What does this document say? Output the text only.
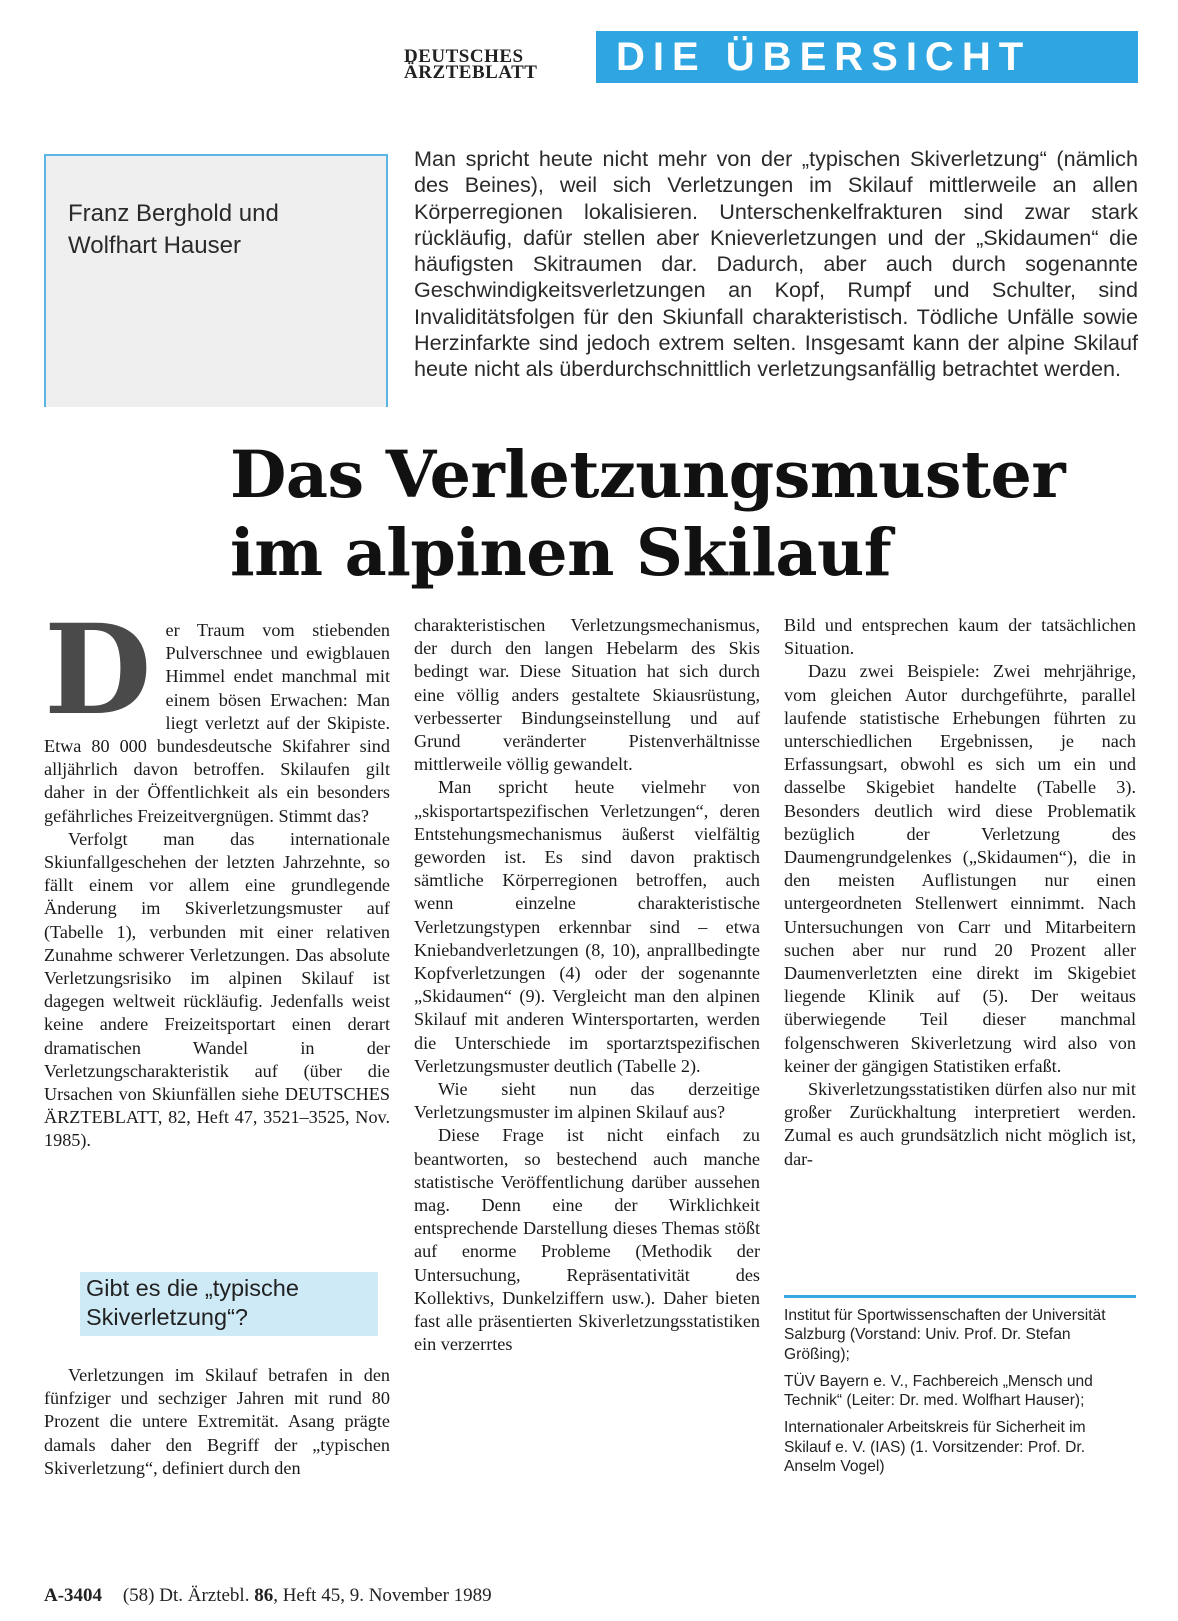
DEUTSCHES
ÄRZTEBLATT	DIE ÜBERSICHT
Franz Berghold und
Wolfhart Hauser
Man spricht heute nicht mehr von der „typischen Skiverletzung“ (nämlich des Beines), weil sich Verletzungen im Skilauf mittlerweile an allen Körperregionen lokalisieren. Unterschenkelfrakturen sind zwar stark rückläufig, dafür stellen aber Knieverletzungen und der „Skidaumen“ die häufigsten Skitraumen dar. Dadurch, aber auch durch sogenannte Geschwindigkeitsverletzungen an Kopf, Rumpf und Schulter, sind Invaliditätsfolgen für den Skiunfall charakteristisch. Tödliche Unfälle sowie Herzinfarkte sind jedoch extrem selten. Insgesamt kann der alpine Skilauf heute nicht als überdurchschnittlich verletzungsanfällig betrachtet werden.
Das Verletzungsmuster
im alpinen Skilauf

Der Traum vom stiebenden Pulverschnee und ewigblauen Himmel endet manchmal mit einem bösen Erwachen: Man liegt verletzt auf der Skipiste. Etwa 80 000 bundesdeutsche Skifahrer sind alljährlich davon betroffen. Skilaufen gilt daher in der Öffentlichkeit als ein besonders gefährliches Freizeitvergnügen. Stimmt das?

Verfolgt man das internationale Skiunfallgeschehen der letzten Jahrzehnte, so fällt einem vor allem eine grundlegende Änderung im Skiverletzungsmuster auf (Tabelle 1), verbunden mit einer relativen Zunahme schwerer Verletzungen. Das absolute Verletzungsrisiko im alpinen Skilauf ist dagegen weltweit rückläufig. Jedenfalls weist keine andere Freizeitsportart einen derart dramatischen Wandel in der Verletzungscharakteristik auf (über die Ursachen von Skiunfällen siehe DEUTSCHES ÄRZTEBLATT, 82, Heft 47, 3521–3525, Nov. 1985).

Gibt es die „typische
Skiverletzung“?

Verletzungen im Skilauf betrafen in den fünfziger und sechziger Jahren mit rund 80 Prozent die untere Extremität. Asang prägte damals daher den Begriff der „typischen Skiverletzung“, definiert durch den

charakteristischen Verletzungsmechanismus, der durch den langen Hebelarm des Skis bedingt war. Diese Situation hat sich durch eine völlig anders gestaltete Skiausrüstung, verbesserter Bindungseinstellung und auf Grund veränderter Pistenverhältnisse mittlerweile völlig gewandelt.

Man spricht heute vielmehr von „skisportartspezifischen Verletzungen“, deren Entstehungsmechanismus äußerst vielfältig geworden ist. Es sind davon praktisch sämtliche Körperregionen betroffen, auch wenn einzelne charakteristische Verletzungstypen erkennbar sind – etwa Kniebandverletzungen (8, 10), anprallbedingte Kopfverletzungen (4) oder der sogenannte „Skidaumen“ (9). Vergleicht man den alpinen Skilauf mit anderen Wintersportarten, werden die Unterschiede im sportarztspezifischen Verletzungsmuster deutlich (Tabelle 2).

Wie sieht nun das derzeitige Verletzungsmuster im alpinen Skilauf aus?

Diese Frage ist nicht einfach zu beantworten, so bestechend auch manche statistische Veröffentlichung darüber aussehen mag. Denn eine der Wirklichkeit entsprechende Darstellung dieses Themas stößt auf enorme Probleme (Methodik der Untersuchung, Repräsentativität des Kollektivs, Dunkelziffern usw.). Daher bieten fast alle präsentierten Skiverletzungsstatistiken ein verzerrtes

Bild und entsprechen kaum der tatsächlichen Situation.

Dazu zwei Beispiele: Zwei mehrjährige, vom gleichen Autor durchgeführte, parallel laufende statistische Erhebungen führten zu unterschiedlichen Ergebnissen, je nach Erfassungsart, obwohl es sich um ein und dasselbe Skigebiet handelte (Tabelle 3). Besonders deutlich wird diese Problematik bezüglich der Verletzung des Daumengrundgelenkes („Skidaumen“), die in den meisten Auflistungen nur einen untergeordneten Stellenwert einnimmt. Nach Untersuchungen von Carr und Mitarbeitern suchen aber nur rund 20 Prozent aller Daumenverletzten eine direkt im Skigebiet liegende Klinik auf (5). Der weitaus überwiegende Teil dieser manchmal folgenschweren Skiverletzung wird also von keiner der gängigen Statistiken erfaßt.

Skiverletzungsstatistiken dürfen also nur mit großer Zurückhaltung interpretiert werden. Zumal es auch grundsätzlich nicht möglich ist, dar-

Institut für Sportwissenschaften der Universität Salzburg (Vorstand: Univ. Prof. Dr. Stefan Größing);

TÜV Bayern e. V., Fachbereich „Mensch und Technik“ (Leiter: Dr. med. Wolfhart Hauser);

Internationaler Arbeitskreis für Sicherheit im Skilauf e. V. (IAS) (1. Vorsitzender: Prof. Dr. Anselm Vogel)

A-3404 (58) Dt. Ärztebl. 86, Heft 45, 9. November 1989
